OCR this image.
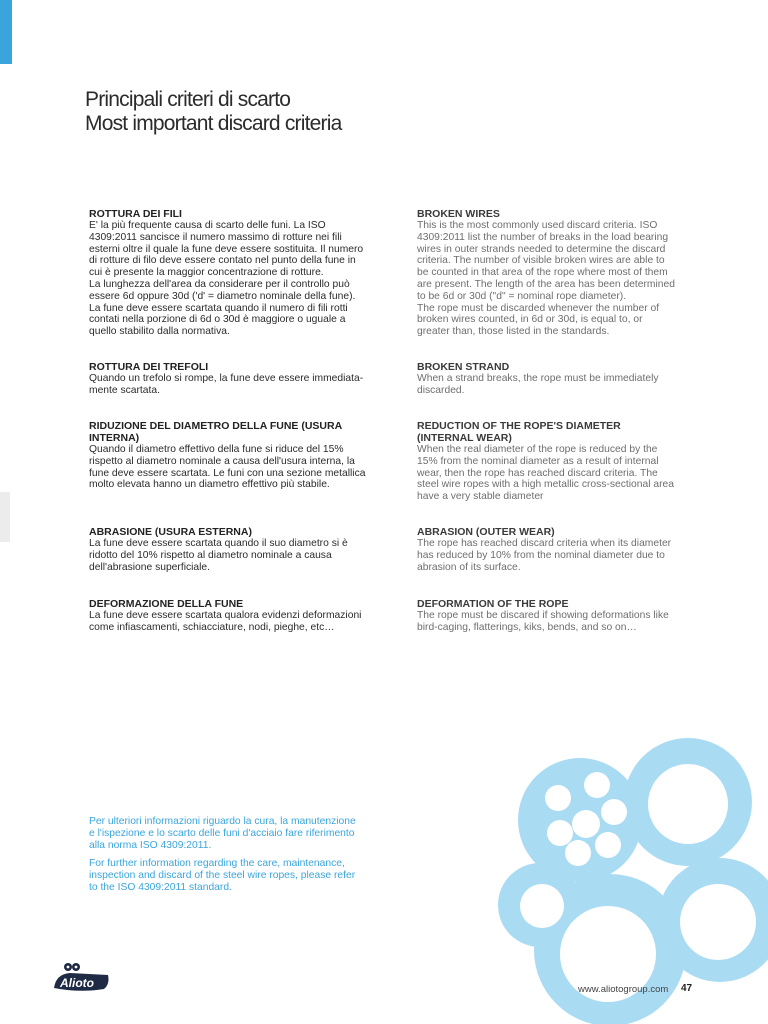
Principali criteri di scarto
Most important discard criteria
ROTTURA DEI FILI

E' la più frequente causa di scarto delle funi. La ISO
4309:2011 sancisce il numero massimo di rotture nei fili
esterni oltre il quale la fune deve essere sostituita. Il numero
di rotture di filo deve essere contato nel punto della fune in
cui è presente la maggior concentrazione di rotture.
La lunghezza dell'area da considerare per il controllo può
essere 6d oppure 30d ('d' = diametro nominale della fune).
La fune deve essere scartata quando il numero di fili rotti
contati nella porzione di 6d o 30d è maggiore o uguale a
quello stabilito dalla normativa.

ROTTURA DEI TREFOLI

Quando un trefolo si rompe, la fune deve essere immediata-
mente scartata.

RIDUZIONE DEL DIAMETRO DELLA FUNE (USURA
INTERNA)

Quando il diametro effettivo della fune si riduce del 15%
rispetto al diametro nominale a causa dell'usura interna, la
fune deve essere scartata. Le funi con una sezione metallica
molto elevata hanno un diametro effettivo più stabile.

ABRASIONE (USURA ESTERNA)

La fune deve essere scartata quando il suo diametro si è
ridotto del 10% rispetto al diametro nominale a causa
dell'abrasione superficiale.

DEFORMAZIONE DELLA FUNE

La fune deve essere scartata qualora evidenzi deformazioni
come infiascamenti, schiacciature, nodi, pieghe, etc…

BROKEN WIRES

This is the most commonly used discard criteria. ISO
4309:2011 list the number of breaks in the load bearing
wires in outer strands needed to determine the discard
criteria. The number of visible broken wires are able to
be counted in that area of the rope where most of them
are present. The length of the area has been determined
to be 6d or 30d ("d" = nominal rope diameter).
The rope must be discarded whenever the number of
broken wires counted, in 6d or 30d, is equal to, or
greater than, those listed in the standards.

BROKEN STRAND

When a strand breaks, the rope must be immediately
discarded.

REDUCTION OF THE ROPE'S DIAMETER
(INTERNAL WEAR)

When the real diameter of the rope is reduced by the
15% from the nominal diameter as a result of internal
wear, then the rope has reached discard criteria. The
steel wire ropes with a high metallic cross-sectional area
have a very stable diameter

ABRASION (OUTER WEAR)

The rope has reached discard criteria when its diameter
has reduced by 10% from the nominal diameter due to
abrasion of its surface.

DEFORMATION OF THE ROPE

The rope must be discared if showing deformations like
bird-caging, flatterings, kiks, bends, and so on…

Per ulteriori informazioni riguardo la cura, la manutenzione
e l'ispezione e lo scarto delle funi d'acciaio fare riferimento
alla norma ISO 4309:2011.
For further information regarding the care, maintenance,
inspection and discard of the steel wire ropes, please refer
to the ISO 4309:2011 standard.
Alioto	www.aliotogroup.com 47
